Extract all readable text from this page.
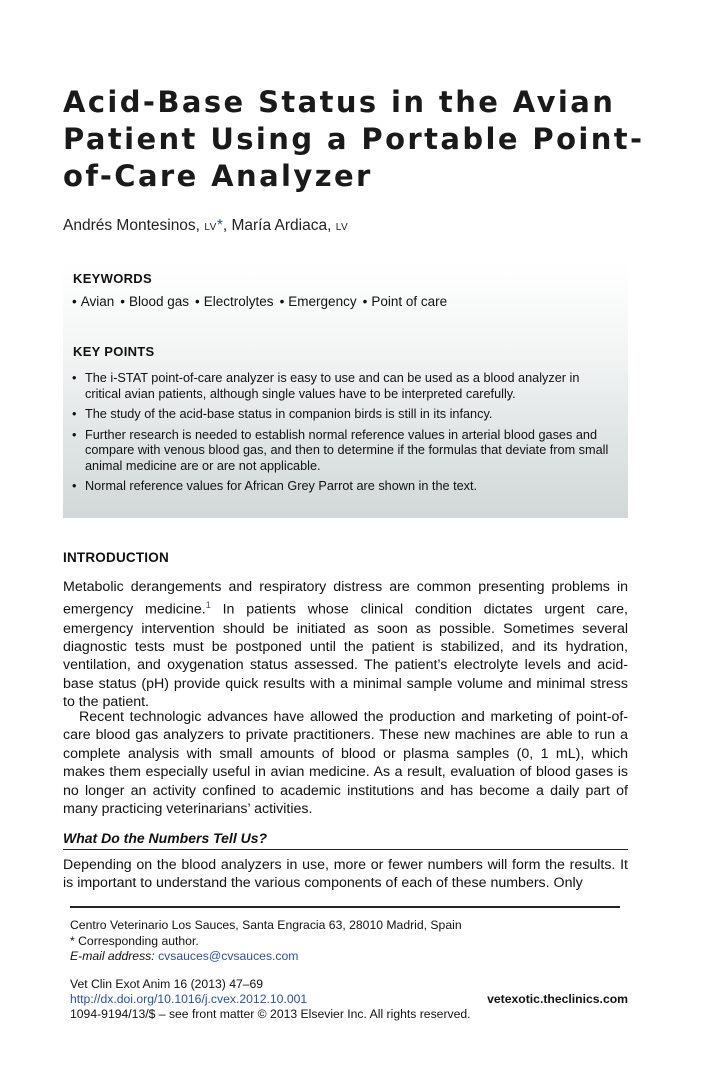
Acid-Base Status in the Avian Patient Using a Portable Point-of-Care Analyzer
Andrés Montesinos, LV*, María Ardiaca, LV
KEYWORDS
• Avian	• Blood gas	• Electrolytes	• Emergency	• Point of care
KEY POINTS
• The i-STAT point-of-care analyzer is easy to use and can be used as a blood analyzer in critical avian patients, although single values have to be interpreted carefully.
• The study of the acid-base status in companion birds is still in its infancy.
• Further research is needed to establish normal reference values in arterial blood gases and compare with venous blood gas, and then to determine if the formulas that deviate from small animal medicine are or are not applicable.
• Normal reference values for African Grey Parrot are shown in the text.
INTRODUCTION

Metabolic derangements and respiratory distress are common presenting problems in emergency medicine.$^1$ In patients whose clinical condition dictates urgent care, emergency intervention should be initiated as soon as possible. Sometimes several diagnostic tests must be postponed until the patient is stabilized, and its hydration, ventilation, and oxygenation status assessed. The patient’s electrolyte levels and acid-base status (pH) provide quick results with a minimal sample volume and minimal stress to the patient.

Recent technologic advances have allowed the production and marketing of point-of-care blood gas analyzers to private practitioners. These new machines are able to run a complete analysis with small amounts of blood or plasma samples (0, 1 mL), which makes them especially useful in avian medicine. As a result, evaluation of blood gases is no longer an activity confined to academic institutions and has become a daily part of many practicing veterinarians’ activities.

What Do the Numbers Tell Us?

Depending on the blood analyzers in use, more or fewer numbers will form the results. It is important to understand the various components of each of these numbers. Only

Centro Veterinario Los Sauces, Santa Engracia 63, 28010 Madrid, Spain
* Corresponding author.
E-mail address: cvsauces@cvsauces.com
Vet Clin Exot Anim 16 (2013) 47–69
http://dx.doi.org/10.1016/j.cvex.2012.10.001	vetexotic.theclinics.com
1094-9194/13/$ – see front matter © 2013 Elsevier Inc. All rights reserved.
